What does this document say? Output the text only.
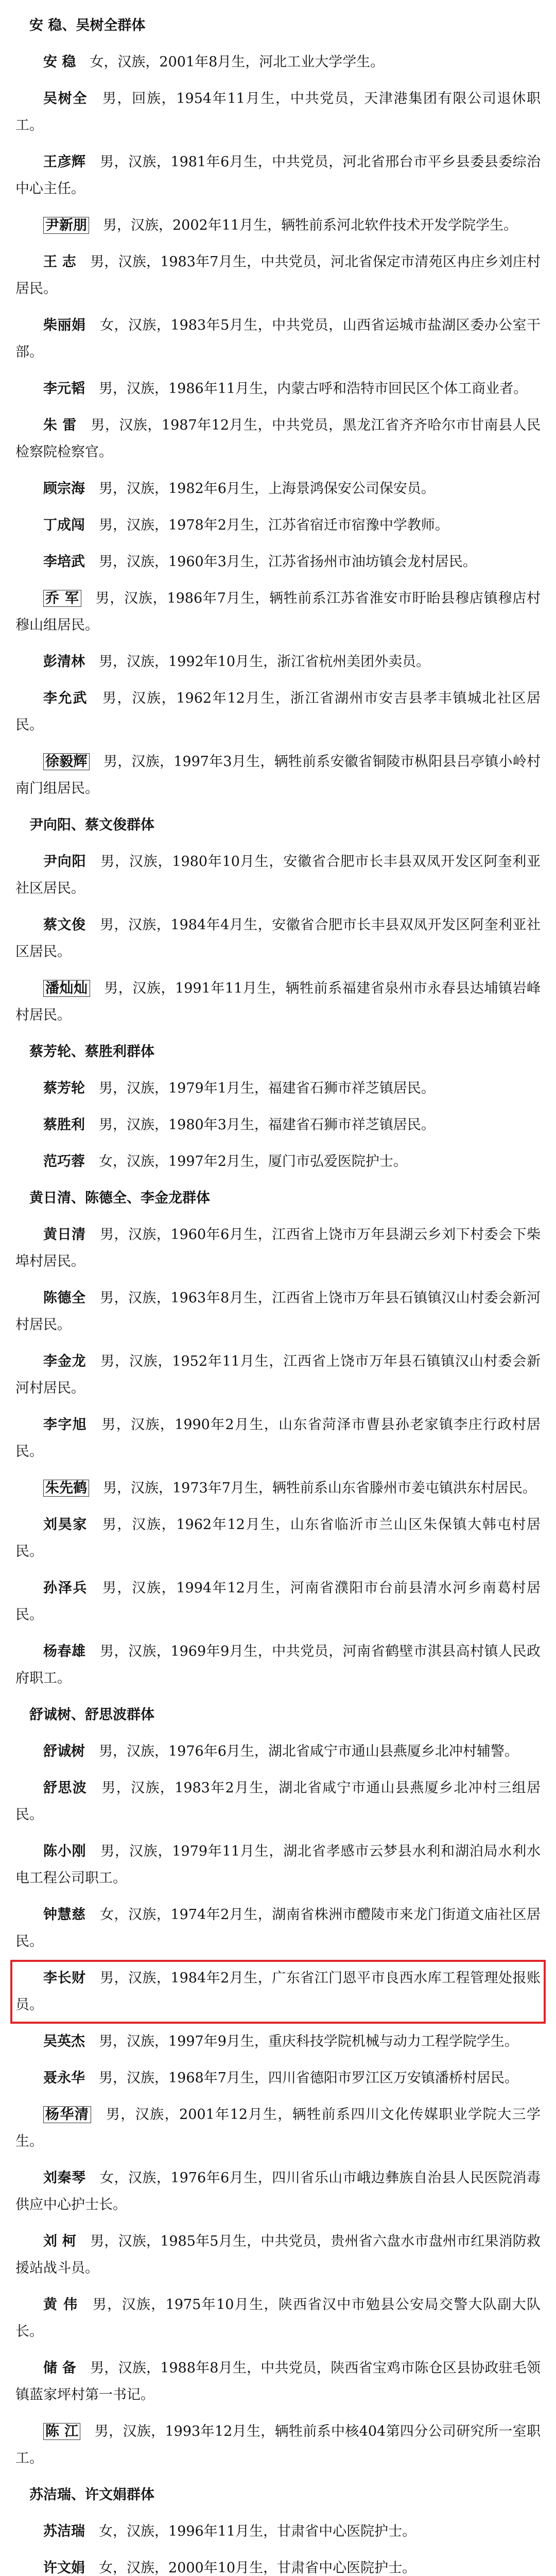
安 稳、吴树全群体

安 稳　 女，汉族，2001年8月生，河北工业大学学生。

吴树全　 男，回族，1954年11月生，中共党员，天津港集团有限公司退休职工。

王彦辉　 男，汉族，1981年6月生，中共党员，河北省邢台市平乡县委县委综治中心主任。

尹新朋　 男，汉族，2002年11月生，辆牲前系河北软件技术开发学院学生。

王 志　 男，汉族，1983年7月生，中共党员，河北省保定市清苑区冉庄乡刘庄村居民。

柴丽娟　 女，汉族，1983年5月生，中共党员，山西省运城市盐湖区委办公室干部。

李元韬　 男，汉族，1986年11月生，内蒙古呼和浩特市回民区个体工商业者。

朱 雷　 男，汉族，1987年12月生，中共党员，黑龙江省齐齐哈尔市甘南县人民检察院检察官。

顾宗海　 男，汉族，1982年6月生，上海景鸿保安公司保安员。

丁成闯　 男，汉族，1978年2月生，江苏省宿迁市宿豫中学教师。

李培武　 男，汉族，1960年3月生，江苏省扬州市油坊镇会龙村居民。

乔 军　 男，汉族，1986年7月生，辆牲前系江苏省淮安市盱眙县穆店镇穆店村穆山组居民。

彭清林　 男，汉族，1992年10月生，浙江省杭州美团外卖员。

李允武　 男，汉族，1962年12月生，浙江省湖州市安吉县孝丰镇城北社区居民。

徐毅辉　 男，汉族，1997年3月生，辆牲前系安徽省铜陵市枞阳县吕亭镇小岭村南门组居民。

尹向阳、蔡文俊群体

尹向阳　 男，汉族，1980年10月生，安徽省合肥市长丰县双凤开发区阿奎利亚社区居民。

蔡文俊　 男，汉族，1984年4月生，安徽省合肥市长丰县双凤开发区阿奎利亚社区居民。

潘灿灿　 男，汉族，1991年11月生，辆牲前系福建省泉州市永春县达埔镇岩峰村居民。

蔡芳轮、蔡胜利群体

蔡芳轮　 男，汉族，1979年1月生，福建省石狮市祥芝镇居民。

蔡胜利　 男，汉族，1980年3月生，福建省石狮市祥芝镇居民。

范巧蓉　 女，汉族，1997年2月生，厦门市弘爱医院护士。

黄日清、陈德全、李金龙群体

黄日清　 男，汉族，1960年6月生，江西省上饶市万年县湖云乡刘下村委会下柴埠村居民。

陈德全　 男，汉族，1963年8月生，江西省上饶市万年县石镇镇汉山村委会新河村居民。

李金龙　 男，汉族，1952年11月生，江西省上饶市万年县石镇镇汉山村委会新河村居民。

李字旭　 男，汉族，1990年2月生，山东省菏泽市曹县孙老家镇李庄行政村居民。

朱先鹤　 男，汉族，1973年7月生，辆牲前系山东省滕州市姜屯镇洪东村居民。

刘昊家　 男，汉族，1962年12月生，山东省临沂市兰山区朱保镇大韩屯村居民。

孙泽兵　 男，汉族，1994年12月生，河南省濮阳市台前县清水河乡南葛村居民。

杨春雄　 男，汉族，1969年9月生，中共党员，河南省鹤壁市淇县高村镇人民政府职工。

舒诚树、舒思波群体

舒诚树　 男，汉族，1976年6月生，湖北省咸宁市通山县燕厦乡北冲村辅警。

舒思波　 男，汉族，1983年2月生，湖北省咸宁市通山县燕厦乡北冲村三组居民。

陈小刚　 男，汉族，1979年11月生，湖北省孝感市云梦县水利和湖泊局水利水电工程公司职工。

钟慧慈　 女，汉族，1974年2月生，湖南省株洲市醴陵市来龙门街道文庙社区居民。

李长财　 男，汉族，1984年2月生，广东省江门恩平市良西水库工程管理处报账员。

吴英杰　 男，汉族，1997年9月生，重庆科技学院机械与动力工程学院学生。

聂永华　 男，汉族，1968年7月生，四川省德阳市罗江区万安镇潘桥村居民。

杨华清　 男，汉族，2001年12月生，辆牲前系四川文化传媒职业学院大三学生。

刘秦琴　 女，汉族，1976年6月生，四川省乐山市峨边彝族自治县人民医院消毒供应中心护士长。

刘 柯　 男，汉族，1985年5月生，中共党员，贵州省六盘水市盘州市红果消防救援站战斗员。

黄 伟　 男，汉族，1975年10月生，陕西省汉中市勉县公安局交警大队副大队长。

储 备　 男，汉族，1988年8月生，中共党员，陕西省宝鸡市陈仓区县协政驻毛领镇蓝家坪村第一书记。

陈 江　 男，汉族，1993年12月生，辆牲前系中核404第四分公司研究所一室职工。

苏洁瑞、许文娟群体

苏洁瑞　 女，汉族，1996年11月生，甘肃省中心医院护士。

许文娟　 女，汉族，2000年10月生，甘肃省中心医院护士。
